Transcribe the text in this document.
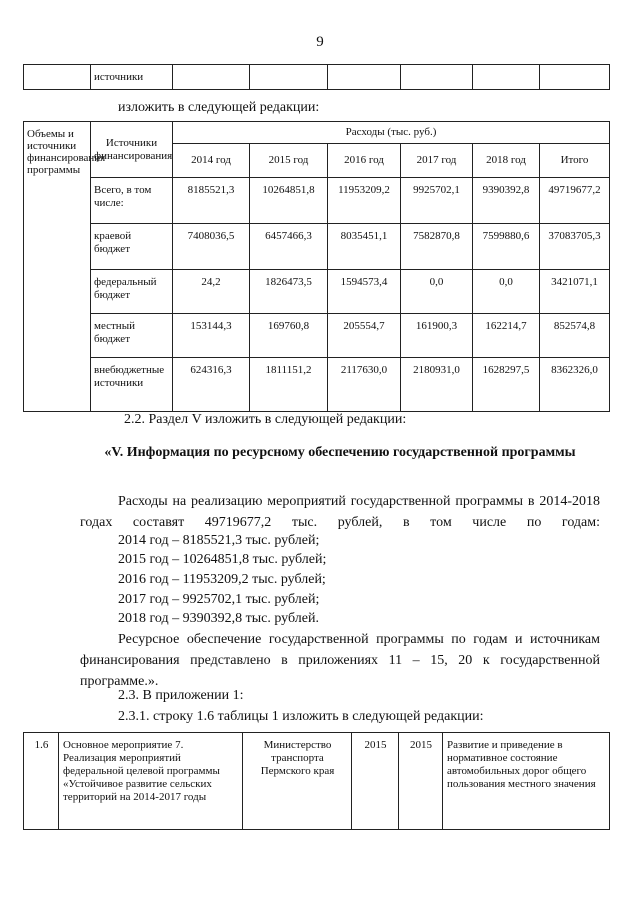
9
	источники						
изложить в следующей редакции:
Объемы и источники финансирования программы	Источники финансирования	Расходы (тыс. руб.)					
		2014 год	2015 год	2016 год	2017 год	2018 год	Итого
	Всего, в том числе:	8185521,3	10264851,8	11953209,2	9925702,1	9390392,8	49719677,2
	краевой бюджет	7408036,5	6457466,3	8035451,1	7582870,8	7599880,6	37083705,3
	федеральный бюджет	24,2	1826473,5	1594573,4	0,0	0,0	3421071,1
	местный бюджет	153144,3	169760,8	205554,7	161900,3	162214,7	852574,8
	внебюджетные источники	624316,3	1811151,2	2117630,0	2180931,0	1628297,5	8362326,0
2.2. Раздел V изложить в следующей редакции:
«V. Информация по ресурсному обеспечению государственной программы
Расходы на реализацию мероприятий государственной программы в 2014-2018 годах составят 49719677,2 тыс. рублей, в том числе по годам:
2014 год – 8185521,3 тыс. рублей;
2015 год – 10264851,8 тыс. рублей;
2016 год – 11953209,2 тыс. рублей;
2017 год – 9925702,1 тыс. рублей;
2018 год – 9390392,8 тыс. рублей.
Ресурсное обеспечение государственной программы по годам и источникам финансирования представлено в приложениях 11 – 15, 20 к государственной программе.».
2.3. В приложении 1:
2.3.1. строку 1.6 таблицы 1 изложить в следующей редакции:
1.6	Основное мероприятие 7. Реализация мероприятий федеральной целевой программы «Устойчивое развитие сельских территорий на 2014-2017 годы	Министерство транспорта Пермского края	2015	2015	Развитие и приведение в нормативное состояние автомобильных дорог общего пользования местного значения
